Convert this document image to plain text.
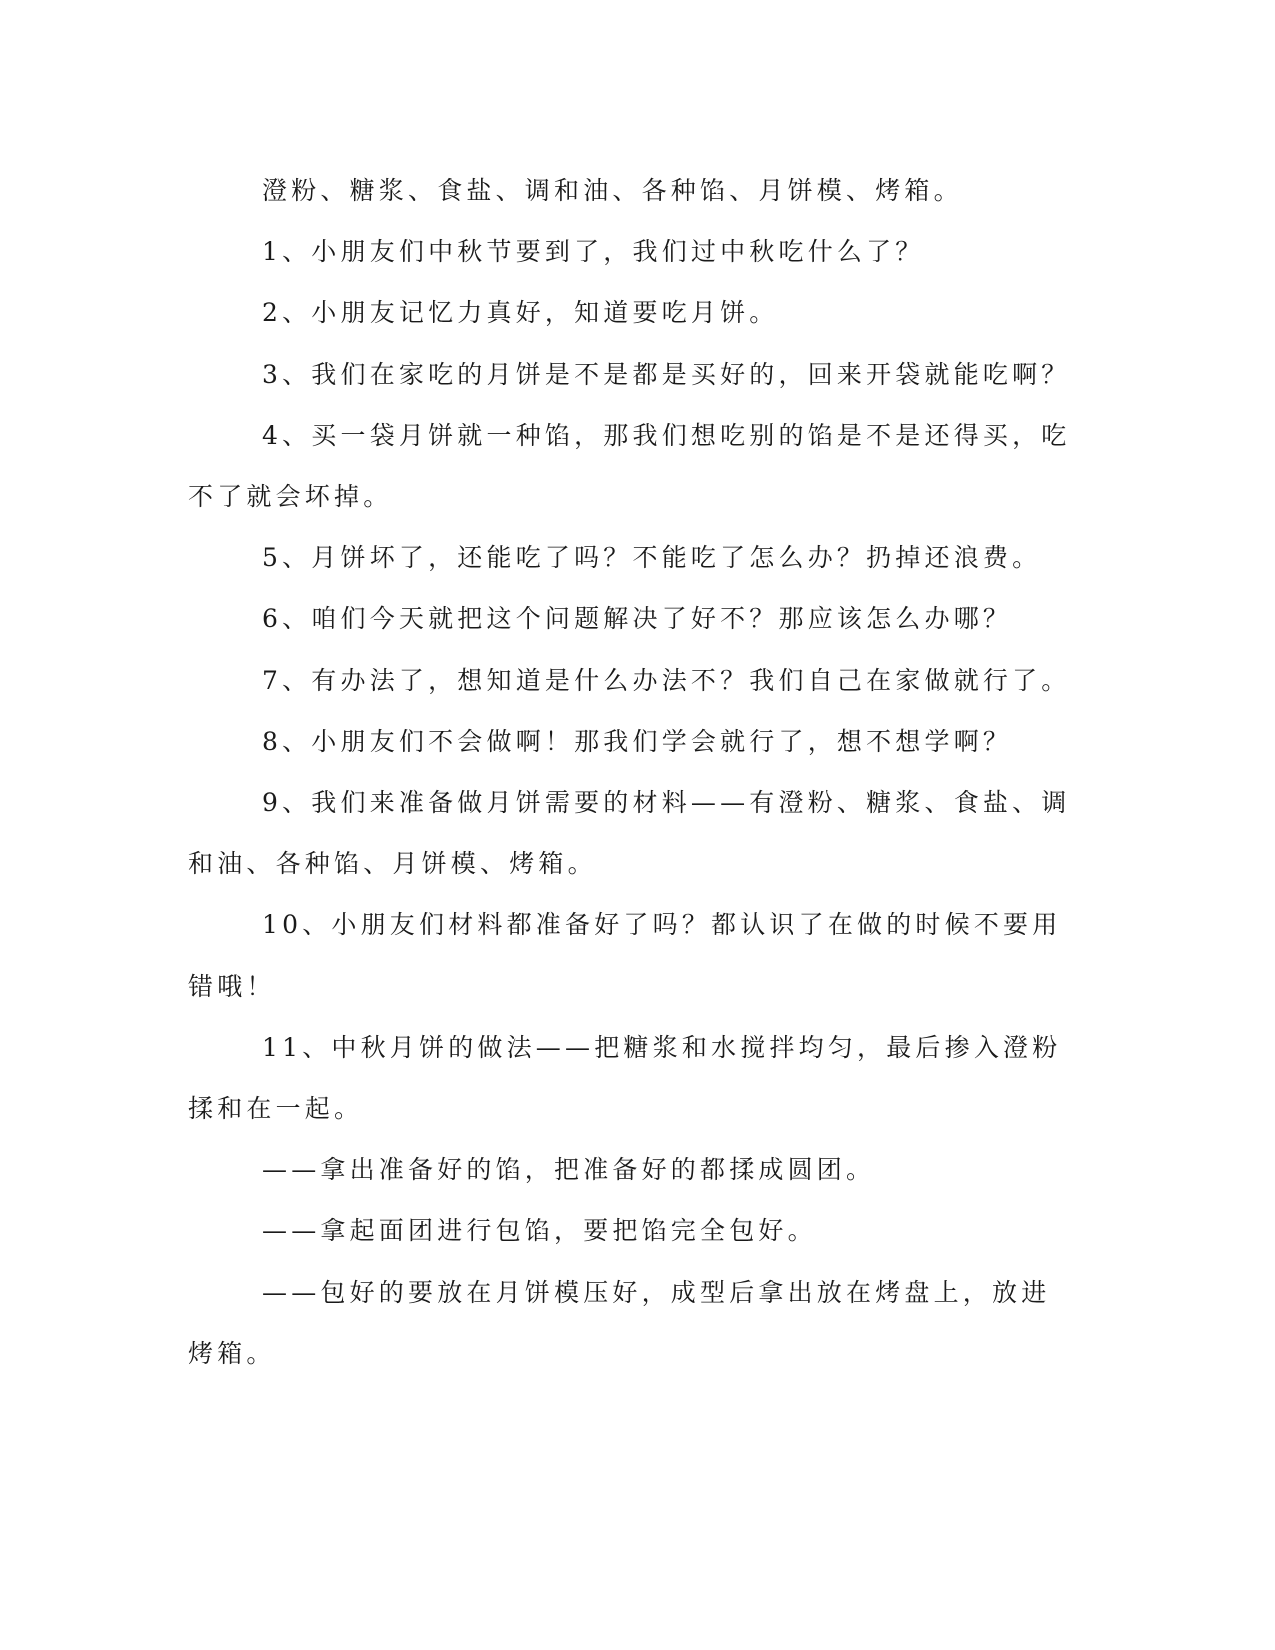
澄粉、糖浆、食盐、调和油、各种馅、月饼模、烤箱。

1、小朋友们中秋节要到了，我们过中秋吃什么了？

2、小朋友记忆力真好，知道要吃月饼。

3、我们在家吃的月饼是不是都是买好的，回来开袋就能吃啊？

4、买一袋月饼就一种馅，那我们想吃别的馅是不是还得买，吃不了就会坏掉。

5、月饼坏了，还能吃了吗？不能吃了怎么办？扔掉还浪费。

6、咱们今天就把这个问题解决了好不？那应该怎么办哪？

7、有办法了，想知道是什么办法不？我们自己在家做就行了。

8、小朋友们不会做啊！那我们学会就行了，想不想学啊？

9、我们来准备做月饼需要的材料——有澄粉、糖浆、食盐、调和油、各种馅、月饼模、烤箱。

10、小朋友们材料都准备好了吗？都认识了在做的时候不要用错哦！

11、中秋月饼的做法——把糖浆和水搅拌均匀，最后掺入澄粉揉和在一起。

——拿出准备好的馅，把准备好的都揉成圆团。

——拿起面团进行包馅，要把馅完全包好。

——包好的要放在月饼模压好，成型后拿出放在烤盘上，放进烤箱。
